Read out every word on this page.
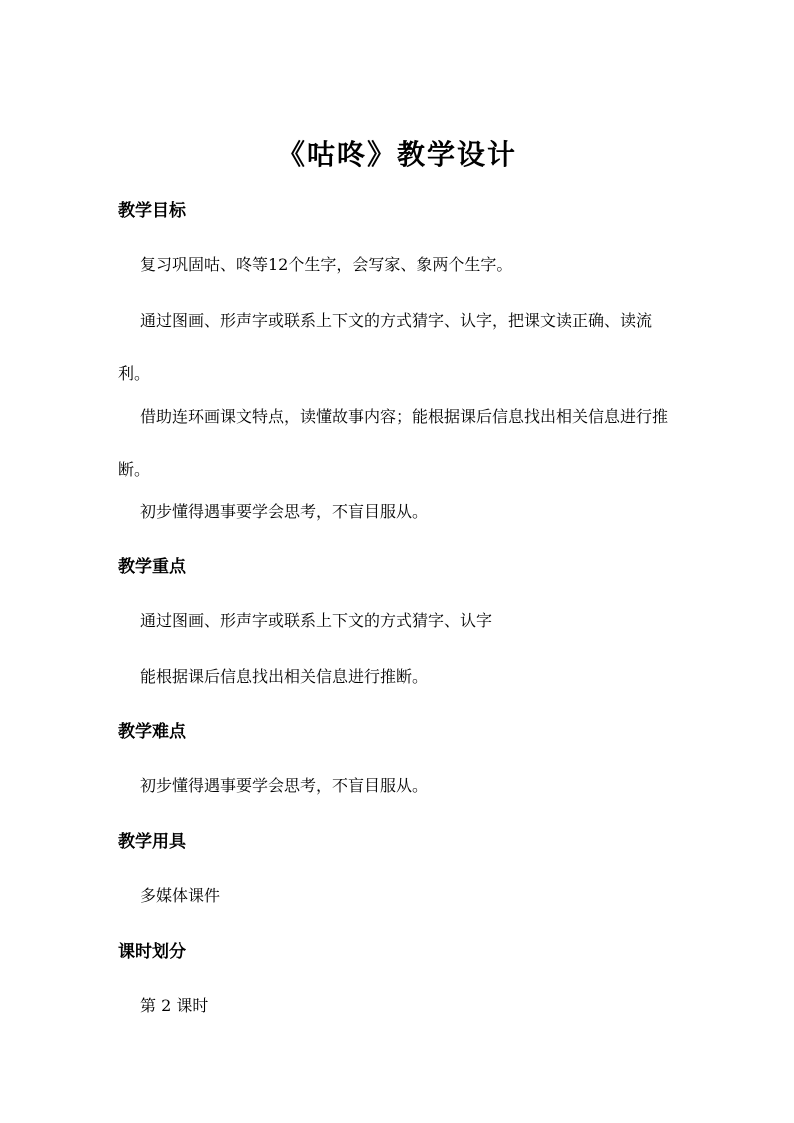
《咕咚》教学设计
教学目标
复习巩固咕、咚等12个生字，会写家、象两个生字。
通过图画、形声字或联系上下文的方式猜字、认字，把课文读正确、读流利。
借助连环画课文特点，读懂故事内容；能根据课后信息找出相关信息进行推断。
初步懂得遇事要学会思考，不盲目服从。
教学重点
通过图画、形声字或联系上下文的方式猜字、认字
能根据课后信息找出相关信息进行推断。
教学难点
初步懂得遇事要学会思考，不盲目服从。
教学用具
多媒体课件
课时划分
第 2 课时
